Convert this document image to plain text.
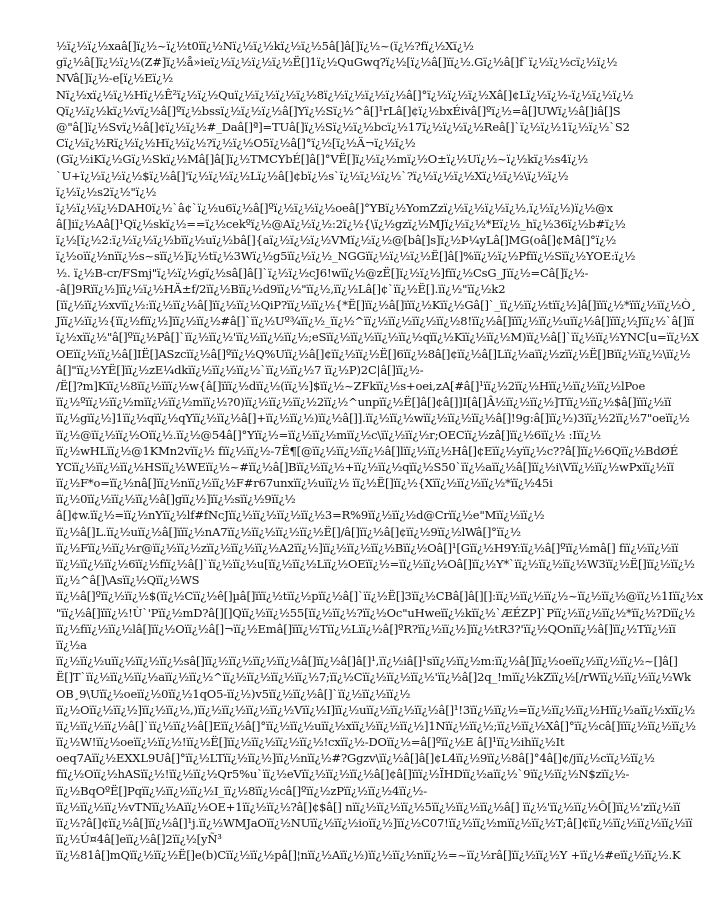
½ï¿½ï¿½xaâ[]ï¿½~ï¿½t0ïï¿½Nï¿½ï¿½kï¿½ï¿½5â[]â[]ï¿½~(ï¿½?fï¿½Xï¿½
gï¿½â[]ï¿½ï¿½(Z#]ï¿½å»ieï¿½ï¿½ï¿½ï¿½Ë[]1ï¿½QuGwq?ï¿½[ï¿½â[]ïï¿½.Gï¿½â[]f`ï¿½ï¿½cï¿½ï¿½
NVâ[]ï¿½-e[ï¿½Eï¿½
Nï¿½xï¿½ï¿½Hï¿½Ê²ï¿½ï¿½Quï¿½ï¿½ï¿½ï¿½8ï¿½ï¿½ï¿½ï¿½â[]°ï¿½ï¿½ï¿½Xâ[]¢Lï¿½ï¿½-ï¿½ï¿½ï¿½
Qï¿½ï¿½kï¿½vï¿½â[]ºï¿½bssï¿½ï¿½ï¿½â[]Yï¿½Sï¿½^â[]¹rLâ[]¢ï¿½bxÉivâ[]ºï¿½=â[]UWï¿½â[]iâ[]S
@"â[]ï¿½Svï¿½â[]¢ï¿½ï¿½#_Daâ[]ª]=TUâ[]ï¿½Sï¿½ï¿½bcï¿½17ï¿½ï¿½ï¿½Reâ[]`ï¿½ï¿½1ï¿½ï¿½`S2
Cï¿½ï¿½Rï¿½ï¿½Hï¿½ï¿½?ï¿½ï¿½O5ï¿½â[]°ï¿½[ï¿½Ä¬ï¿½ï¿½
(Gï¿½iKï¿½Gï¿½Skï¿½Mâ[]â[]ï¿½TMCYbÉ[]â[]°VË[]ï¿½ï¿½mï¿½O±ï¿½Uï¿½~ï¿½kï¿½s4ï¿½
`U+ï¿½ï¿½ï¿½$ï¿½â[]'ï¿½ï¿½ï¿½Lï¿½â[]¢bï¿½s`ï¿½ï¿½ï¿½`?ï¿½ï¿½ï¿½Xï¿½ï¿½\ï¿½ï¿½
ï¿½ï¿½s2ï¿½"ï¿½
ï¿½ï¿½ï¿½DAH0ï¿½`â¢`ï¿½u6ï¿½â[]ºï¿½ï¿½ï¿½oeâ[]°YBï¿½YomZzï¿½ï¿½ï¿½ï¿½,ï¿½ï¿½)ï¿½@x
â[]iï¿½Aâ[]¹Qï¿½skï¿½==ï¿½cekºï¿½@Aï¿½ï¿½:2ï¿½{\ï¿½gzï¿½MJï¿½ï¿½*Eï¿½_hï¿½36ï¿½b#ï¿½
ï¿½[ï¿½2:ï¿½ï¿½ï¿½bïï¿½uï¿½bâ[]{aï¿½ï¿½ï¿½VMï¿½ï¿½@[bâ[]s]ï¿½Þ¼yLâ[]MG(oâ[]¢Mâ[]°ï¿½
ï¿½oïï¿½nïï¿½s~sïï¿½]ï¿½tï¿½3Wï¿½g5ïï¿½ï¿½_NGGïï¿½ï¿½ï¿½Ë[]â[]%ïï¿½ï¿½Pfïï¿½Sïï¿½YOE:ï¿½
½. ï¿½B-cr/FSmj"ï¿½ï¿½gï¿½sâ[]â[]`ï¿½ï¿½cJ6!wïï¿½@zË[]ï¿½ï¿½]fïï¿½CsG_Jïï¿½=Câ[]ï¿½-
-â[]9Rïï¿½]ïï¿½ï¿½HÄ±f/2ïï¿½Bïï¿½d9ïï¿½"ïï¿½,ïï¿½Lâ[]¢`ïï¿½Ë[].ïï¿½"ïï¿½k2
[ïï¿½ïï¿½xvïï¿½:ïï¿½ïï¿½â[]ïï¿½ïï¿½QiP?ïï¿½ïï¿½{*Ë[]ïï¿½â[]ïïï¿½Kïï¿½Gâ[]`_ïï¿½ïï¿½tïï¿½]â[]ïïï¿½*ïïï¿½ïï¿½Ò¸
Jïï¿½ïï¿½{ïï¿½fïï¿½]ïï¿½ïï¿½#â[]`ïï¿½Uº¾ïï¿½_ïï¿½^ïï¿½ïï¿½ïï¿½ïï¿½8!ïï¿½â[]ïïï¿½ïï¿½uïï¿½â[]ïïï¿½Jïï¿½`â[]ïï
ï¿½xïï¿½"â[]ºïï¿½Pâ[]`ïï¿½ïï¿½'ïï¿½ïï¿½ïï¿½;eSïï¿½ïï¿½ïï¿½ïï¿½qïï¿½Kïï¿½ïï¿½M)ïï¿½â[]`ïï¿½ïï¿½YNC[u=ïï¿½X
OEïï¿½ïï¿½â[]IË[]ASzcïï¿½â[]ºïï¿½Q%Uïï¿½â[]¢ïï¿½ïï¿½Ë[]6ïï¿½8â[]¢ïï¿½â[]Lïï¿½aïï¿½zïï¿½Ë[]Bïï¿½ïï¿½\ïï¿½
â[]"ïï¿½YË[]ïï¿½zE¼dkïï¿½ïï¿½ïï¿½`ïï¿½ïï¿½7 ïï¿½P)2C|â[]ïï¿½-
/Ë[]?m]Kïï¿½8ïï¿½ïïï¿½w{â[]ïïï¿½dïï¿½(ïï¿½]$ïï¿½~ZFkïï¿½s+oei,zA[#â[]¹ïï¿½2ïï¿½Hïï¿½ïï¿½ïï¿½lPoe
ïï¿½ºïï¿½ïï¿½mïï¿½ïï¿½mïï¿½?0)ïï¿½ïï¿½ïï¿½2ïï¿½^unpïï¿½Ë[]â[]¢â[]]I[â[]Â½ïï¿½ïï¿½]Tïï¿½ïï¿½$â[]ïïï¿½ïï
ïï¿½gïï¿½]1ïï¿½qïï¿½qYïï¿½ïï¿½â[]+ïï¿½ïï¿½)ïï¿½â[]].ïï¿½ïï¿½wïï¿½ïï¿½ïï¿½â[]!9g:â[]ïï¿½)3ïï¿½2ïï¿½7"oeïï¿½
ïï¿½@ïï¿½ïï¿½Oïï¿½.ïï¿½@54â[]°Yïï¿½=ïï¿½ïï¿½mïï¿½c\ïï¿½ïï¿½r;OECïï¿½zâ[]ïï¿½6ïï¿½ :Iïï¿½
ïï¿½wHLïï¿½@1KMn2vïï¿½ fïï¿½ïï¿½-7Ë¶[@ïï¿½ïï¿½ïï¿½â[]lïï¿½ïï¿½Hâ[]¢Eïï¿½yïï¿½c??â[]ïï¿½6Qïï¿½BdØÉ
YCïï¿½ïï¿½ïï¿½HSïï¿½WEïï¿½~#ïï¿½â[]Bïï¿½ïï¿½+ïï¿½ïï¿½qïï¿½S50`ïï¿½aïï¿½â[]ïï¿½i\Vïï¿½ïï¿½wPxïï¿½ïï
ïï¿½F*o=ïï¿½nâ[]ïï¿½nïï¿½ïï¿½F#r67unxïï¿½uïï¿½ ïï¿½Ë[]ïï¿½{Xïï¿½ïï¿½ïï¿½*ïï¿½45i
ïï¿½0ïï¿½ïï¿½ïï¿½â[]gïï¿½]ïï¿½sïï¿½9ïï¿½
â[]¢w.ïï¿½=ïï¿½nYïï¿½lf#fNcJïï¿½ïï¿½ïï¿½ïï¿½3=R%9ïï¿½ïï¿½d@Crïï¿½e"Mïï¿½ïï¿½
ïï¿½â[]L.ïï¿½uïï¿½â[]ïïï¿½nA7ïï¿½ïï¿½ïï¿½ïï¿½Ë[]/â[]ïï¿½â[]¢ïï¿½9ïï¿½lWâ[]°ïï¿½
ïï¿½Fïï¿½ïï¿½r@ïï¿½ïï¿½zïï¿½ïï¿½ïï¿½A2ïï¿½]ïï¿½ïï¿½ïï¿½Bïï¿½Oâ[]¹[Gïï¿½H9Y:ïï¿½â[]ºïï¿½mâ[] fïï¿½ïï¿½ïï
ïï¿½ïï¿½ïï¿½6ïï¿½fïï¿½â[]`ïï¿½ïï¿½u[ïï¿½ïï¿½Lïï¿½OEïï¿½=ïï¿½ïï¿½Oâ[]ïï¿½Y*`ïï¿½ïï¿½ïï¿½W3ïï¿½Ë[]ïï¿½ïï¿½
ïï¿½^â[]\Asïï¿½Qïï¿½WS
ïï¿½â[]ºïï¿½ïï¿½$(ïï¿½Cïï¿½ê[]µâ[]ïïï¿½tïï¿½pïï¿½â[]`ïï¿½Ë[]3ïï¿½CBâ[]â[][]:ïï¿½ïï¿½ïï¿½~ïï¿½ïï¿½@ïï¿½1Iïï¿½x
"ïï¿½â[]ïïï¿½!Ù`'Pïï¿½mD?â[][]Qïï¿½ïï¿½55[ïï¿½ïï¿½?ïï¿½Oc"uHweïï¿½kïï¿½`ÆÉZP]`Pïï¿½ïï¿½ïï¿½*ïï¿½?Dïï¿½
ïï¿½fïï¿½ïï¿½lâ[]ïï¿½Oïï¿½â[]¬ïï¿½Emâ[]ïïï¿½Tïï¿½Lïï¿½â[]ºR?ïï¿½ïï¿½]ïï¿½tR3?'ïï¿½QOnïï¿½â[]ïï¿½Tïï¿½ïï
ïï¿½a
ïï¿½ïï¿½uïï¿½ïï¿½ïï¿½sâ[]ïï¿½ïï¿½ïï¿½ïï¿½â[]ïï¿½â[]â[]¹,ïï¿½iâ[]¹sïï¿½ïï¿½m:ïï¿½â[]ïï¿½oeïï¿½ïï¿½ïï¿½~[]â[]
Ë[]T`ïï¿½ïï¿½ïï¿½aïï¿½ïï¿½^ïï¿½ïï¿½ïï¿½ïï¿½7;ïï¿½Cïï¿½ïï¿½ïï¿½'ïï¿½â[]2q_!mïï¿½kZïï¿½[/rWïï¿½ïï¿½ïï¿½Wk
OB¸9\Uïï¿½oeïï¿½0ïï¿½1qO5-ïï¿½)v5ïï¿½ïï¿½â[]`ïï¿½ïï¿½ïï¿½
ïï¿½Oïï¿½ïï¿½]ïï¿½ïï¿½,)ïï¿½ïï¿½ïï¿½ïï¿½Vïï¿½I]ïï¿½uïï¿½ïï¿½ïï¿½â[]¹!3ïï¿½ïï¿½=ïï¿½ïï¿½ïï¿½Hïï¿½aïï¿½xïï¿½
ïï¿½ïï¿½ïï¿½â[]`ïï¿½ïï¿½â[]Eïï¿½â[]°ïï¿½ïï¿½uïï¿½xïï¿½ïï¿½ïï¿½]1Nïï¿½ïï¿½;ïï¿½ïï¿½Xâ[]°ïï¿½câ[]ïïï¿½ïï¿½ïï¿½
ïï¿½W!ïï¿½oeïï¿½ïï¿½!ïï¿½Ë[]ïï¿½ïï¿½ïï¿½ïï¿½!cxïï¿½-DOïï¿½=â[]ºïï¿½E â[]¹ïï¿½ihïï¿½It
oeq7Aïï¿½EXXL9Uâ[]°ïï¿½LTïï¿½ïï¿½]ïï¿½nïï¿½#?Ggzv\ïï¿½â[]â[]¢L4ïï¿½9ïï¿½8â[]°4â[]¢/jïï¿½cïï¿½ïï¿½
fïï¿½Oïï¿½hASïï¿½!ïï¿½ïï¿½Qr5%u`ïï¿½eVïï¿½ïï¿½ïï¿½â[]¢â[]ïïï¿½ÏHDïï¿½aïï¿½`9ïï¿½ïï¿½N$zïï¿½-
ïï¿½BqOºË[]Pqïï¿½ïï¿½ïï¿½I_ïï¿½8ïï¿½câ[]ºïï¿½zPïï¿½ïï¿½4ïï¿½-
ïï¿½ïï¿½ïï¿½vTNïï¿½Aïï¿½OE+1ïï¿½ïï¿½?â[]¢$â[] nïï¿½ïï¿½ïï¿½5ïï¿½ïï¿½ïï¿½â[] ïï¿½'ïï¿½ïï¿½Ô[]ïï¿½'zïï¿½ïï
ïï¿½?â[]¢ïï¿½â[]ïï¿½â[]¹j.ïï¿½WMJaOïï¿½NUïï¿½ïï¿½ioïï¿½]ïï¿½C07!ïï¿½ïï¿½mïï¿½ïï¿½T;â[]¢ïï¿½ïï¿½ïï¿½ïï¿½ïï
ïï¿½Ú¤4â[]eïï¿½â[]2ïï¿½[yÑ³
ïï¿½81â[]mQïï¿½ïï¿½Ë[]e(b)Cïï¿½ïï¿½pâ[]¦nïï¿½Aïï¿½)ïï¿½ïï¿½nïï¿½=~ïï¿½râ[]ïï¿½ïï¿½Y +ïï¿½#eïï¿½ïï¿½.K
